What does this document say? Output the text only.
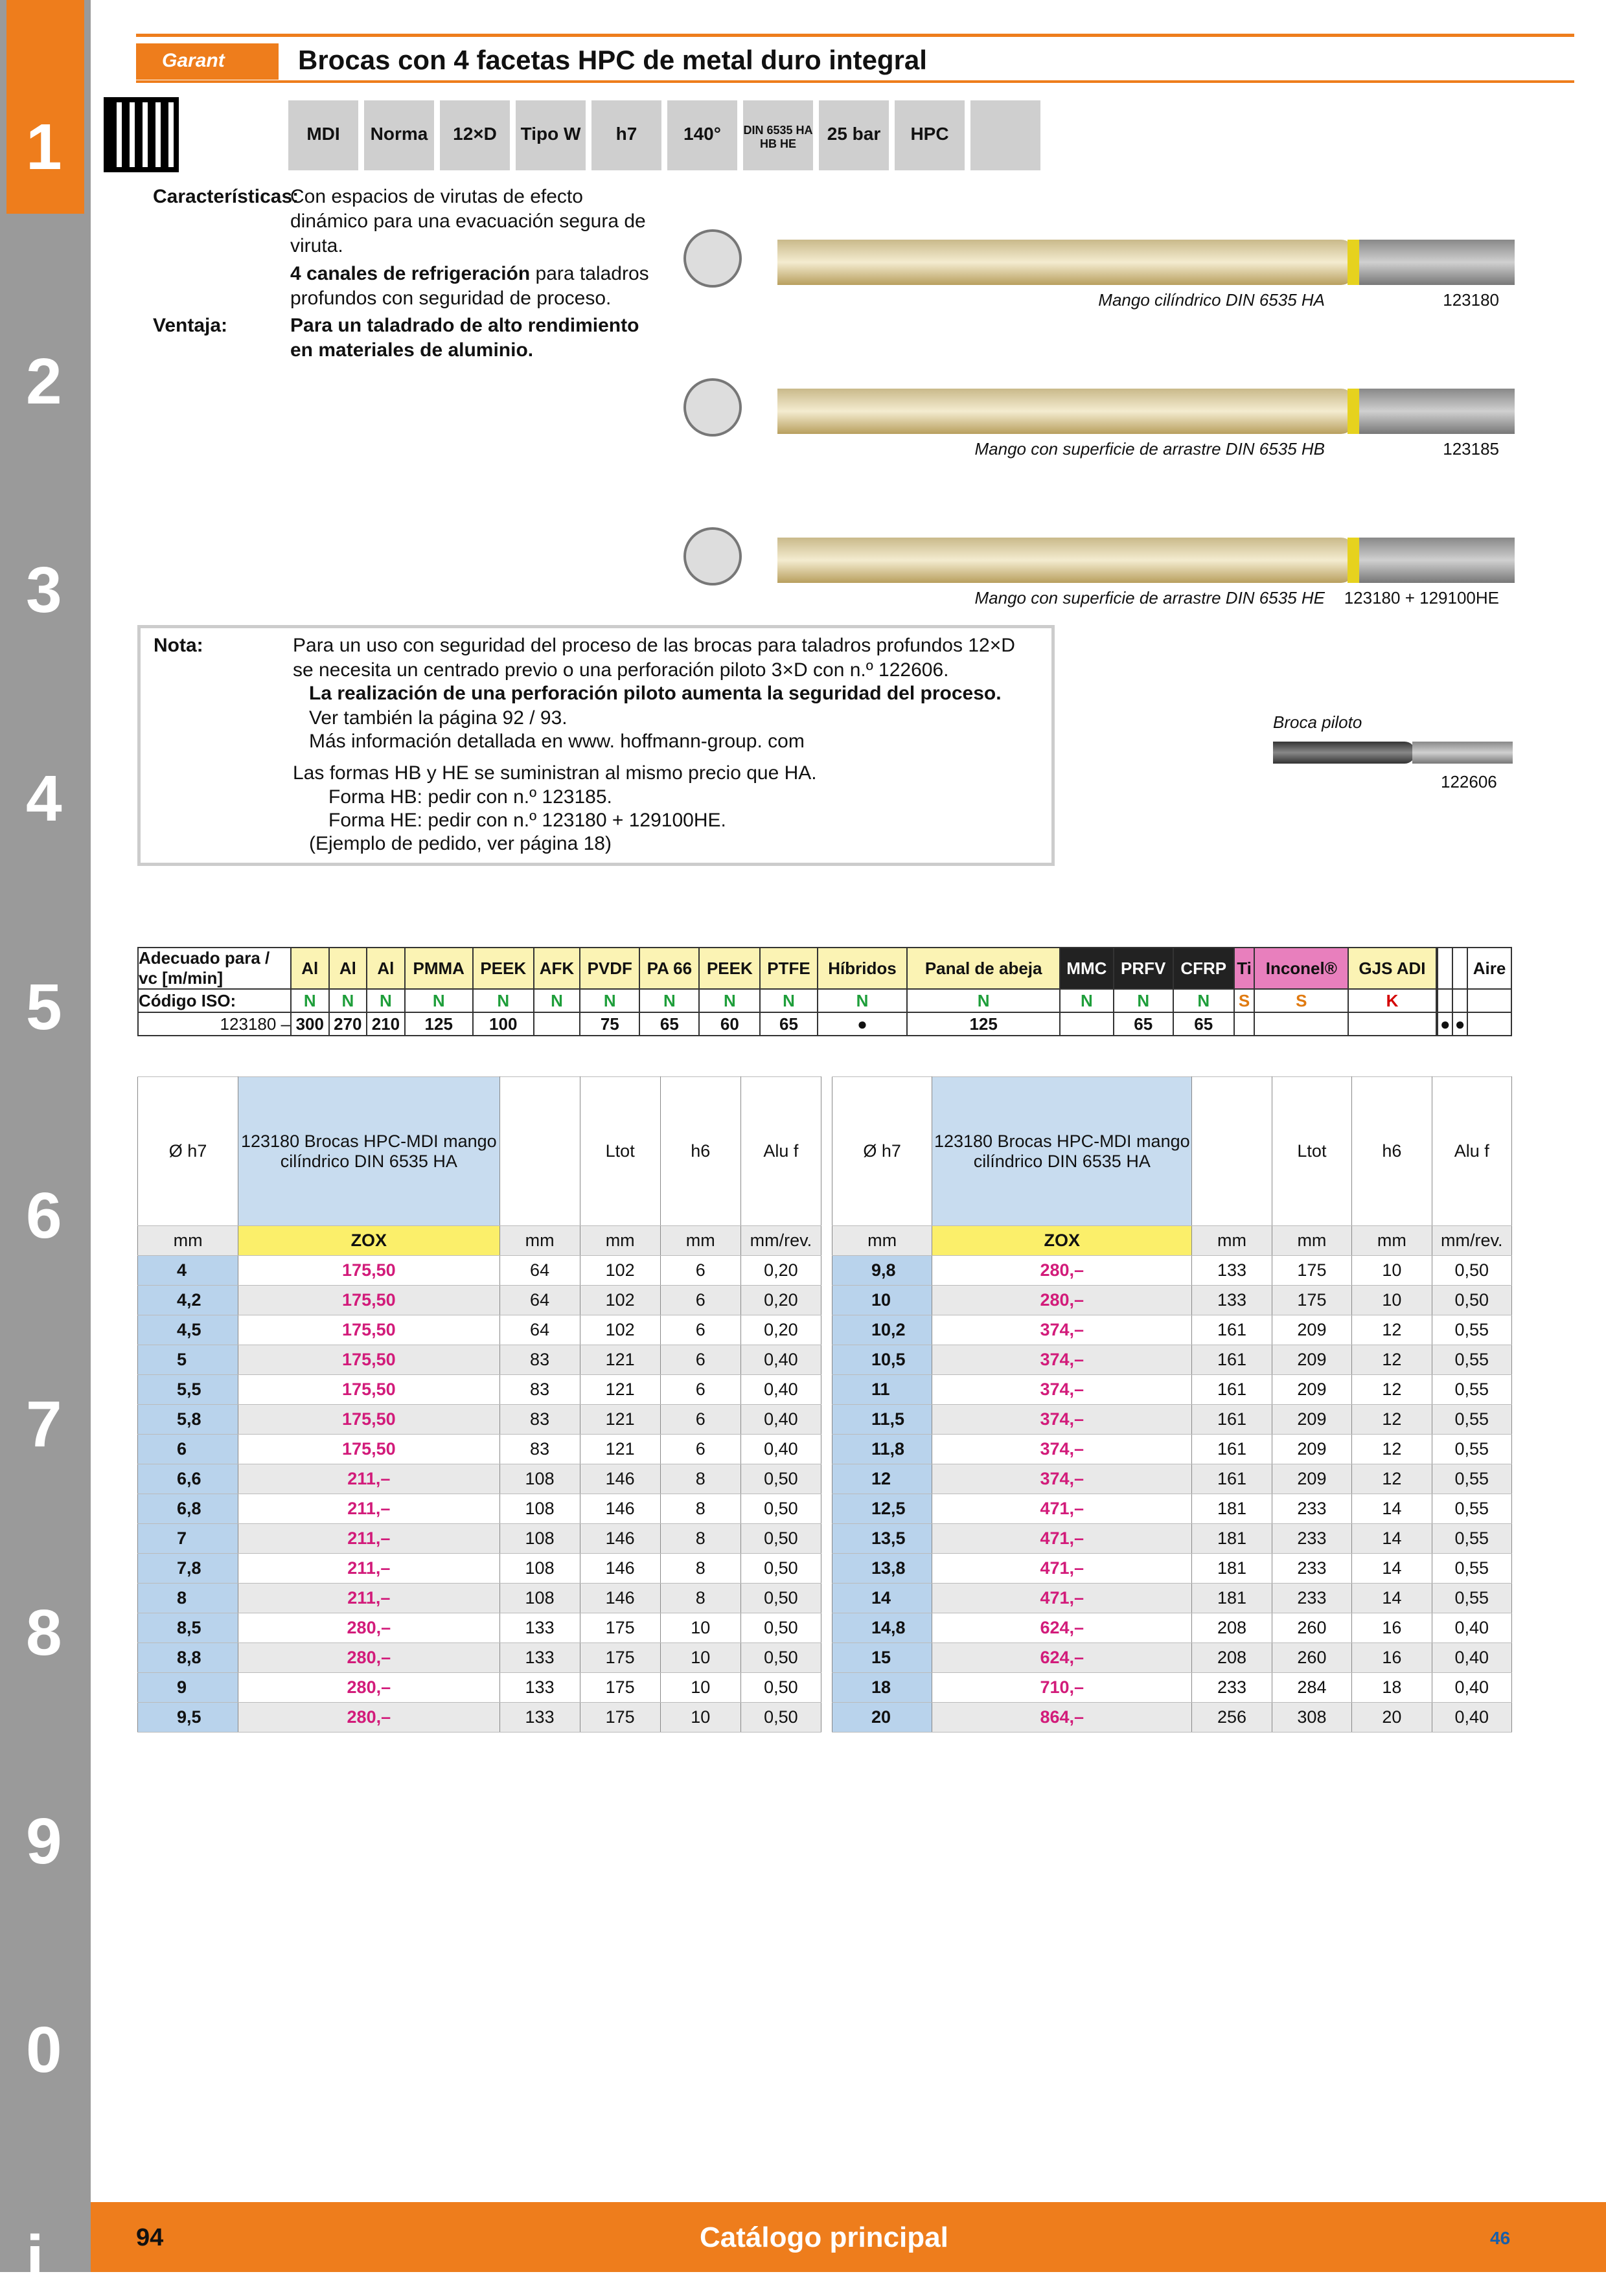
1
2
3
4
5
6
7
8
9
0
i
Garant	Brocas con 4 facetas HPC de metal duro integral
MDI	Norma	12×D	Tipo W	h7	140°	DIN 6535 HA HB HE	25 bar	HPC
Características:
Con espacios de virutas de efecto dinámico para una evacuación segura de viruta.
4 canales de refrigeración para taladros profundos con seguridad de proceso.
Ventaja:	Para un taladrado de alto rendimiento en materiales de aluminio.
Mango cilíndrico DIN 6535 HA	123180
Mango con superficie de arrastre DIN 6535 HB	123185
Mango con superficie de arrastre DIN 6535 HE 123180 + 129100HE
Nota:	Para un uso con seguridad del proceso de las brocas para taladros profundos 12×D se necesita un centrado previo o una perforación piloto 3×D con n.º 122606.
La realización de una perforación piloto aumenta la seguridad del proceso.
Ver también la página 92 / 93.
Más información detallada en www. hoffmann-group. com
Las formas HB y HE se suministran al mismo precio que HA.
Forma HB: pedir con n.º 123185.
Forma HE: pedir con n.º 123180 + 129100HE.
(Ejemplo de pedido, ver página 18)
Broca piloto
122606
Adecuado para / vc [m/min]	Al	Al	Al	PMMA	PEEK	AFK	PVDF	PA 66	PEEK	PTFE	Híbridos	Panal de abeja	MMC	PRFV	CFRP	Ti	Inconel®	GJS ADI				Aire
Código ISO:	N	N	N	N	N	N	N	N	N	N	N	N	N	N	N	S	S	K				
123180 –	300	270	210	125	100		75	65	60	65	●	125		65	65					●	●	
Ø h7	123180 Brocas HPC-MDI mango cilíndrico DIN 6535 HA		Ltot	h6	Alu f
mm	ZOX	mm	mm	mm	mm/rev.
4	175,50	64	102	6	0,20
4,2	175,50	64	102	6	0,20
4,5	175,50	64	102	6	0,20
5	175,50	83	121	6	0,40
5,5	175,50	83	121	6	0,40
5,8	175,50	83	121	6	0,40
6	175,50	83	121	6	0,40
6,6	211,–	108	146	8	0,50
6,8	211,–	108	146	8	0,50
7	211,–	108	146	8	0,50
7,8	211,–	108	146	8	0,50
8	211,–	108	146	8	0,50
8,5	280,–	133	175	10	0,50
8,8	280,–	133	175	10	0,50
9	280,–	133	175	10	0,50
9,5	280,–	133	175	10	0,50
Ø h7	123180 Brocas HPC-MDI mango cilíndrico DIN 6535 HA		Ltot	h6	Alu f
mm	ZOX	mm	mm	mm	mm/rev.
9,8	280,–	133	175	10	0,50
10	280,–	133	175	10	0,50
10,2	374,–	161	209	12	0,55
10,5	374,–	161	209	12	0,55
11	374,–	161	209	12	0,55
11,5	374,–	161	209	12	0,55
11,8	374,–	161	209	12	0,55
12	374,–	161	209	12	0,55
12,5	471,–	181	233	14	0,55
13,5	471,–	181	233	14	0,55
13,8	471,–	181	233	14	0,55
14	471,–	181	233	14	0,55
14,8	624,–	208	260	16	0,40
15	624,–	208	260	16	0,40
18	710,–	233	284	18	0,40
20	864,–	256	308	20	0,40
94	Catálogo principal	46
